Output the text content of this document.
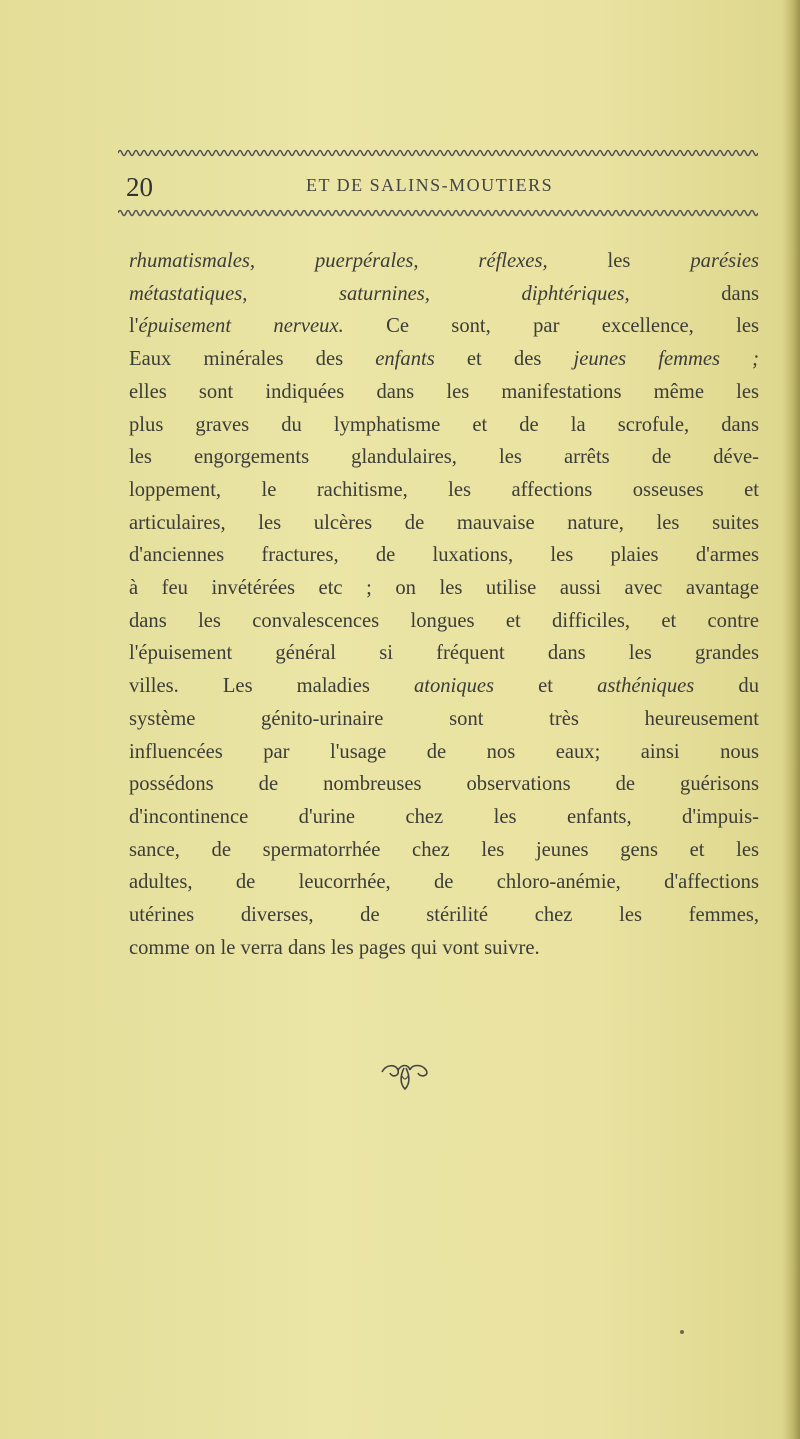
20	ET DE SALINS-MOUTIERS
rhumatismales, puerpérales, réflexes, les parésies
métastatiques, saturnines, diphtériques, dans
l'épuisement nerveux. Ce sont, par excellence, les
Eaux minérales des enfants et des jeunes femmes ;
elles sont indiquées dans les manifestations même les
plus graves du lymphatisme et de la scrofule, dans
les engorgements glandulaires, les arrêts de déve-
loppement, le rachitisme, les affections osseuses et
articulaires, les ulcères de mauvaise nature, les suites
d'anciennes fractures, de luxations, les plaies d'armes
à feu invétérées etc ; on les utilise aussi avec avantage
dans les convalescences longues et difficiles, et contre
l'épuisement général si fréquent dans les grandes
villes. Les maladies atoniques et asthéniques du
système génito-urinaire sont très heureusement
influencées par l'usage de nos eaux; ainsi nous
possédons de nombreuses observations de guérisons
d'incontinence d'urine chez les enfants, d'impuis-
sance, de spermatorrhée chez les jeunes gens et les
adultes, de leucorrhée, de chloro-anémie, d'affections
utérines diverses, de stérilité chez les femmes,
comme on le verra dans les pages qui vont suivre.
